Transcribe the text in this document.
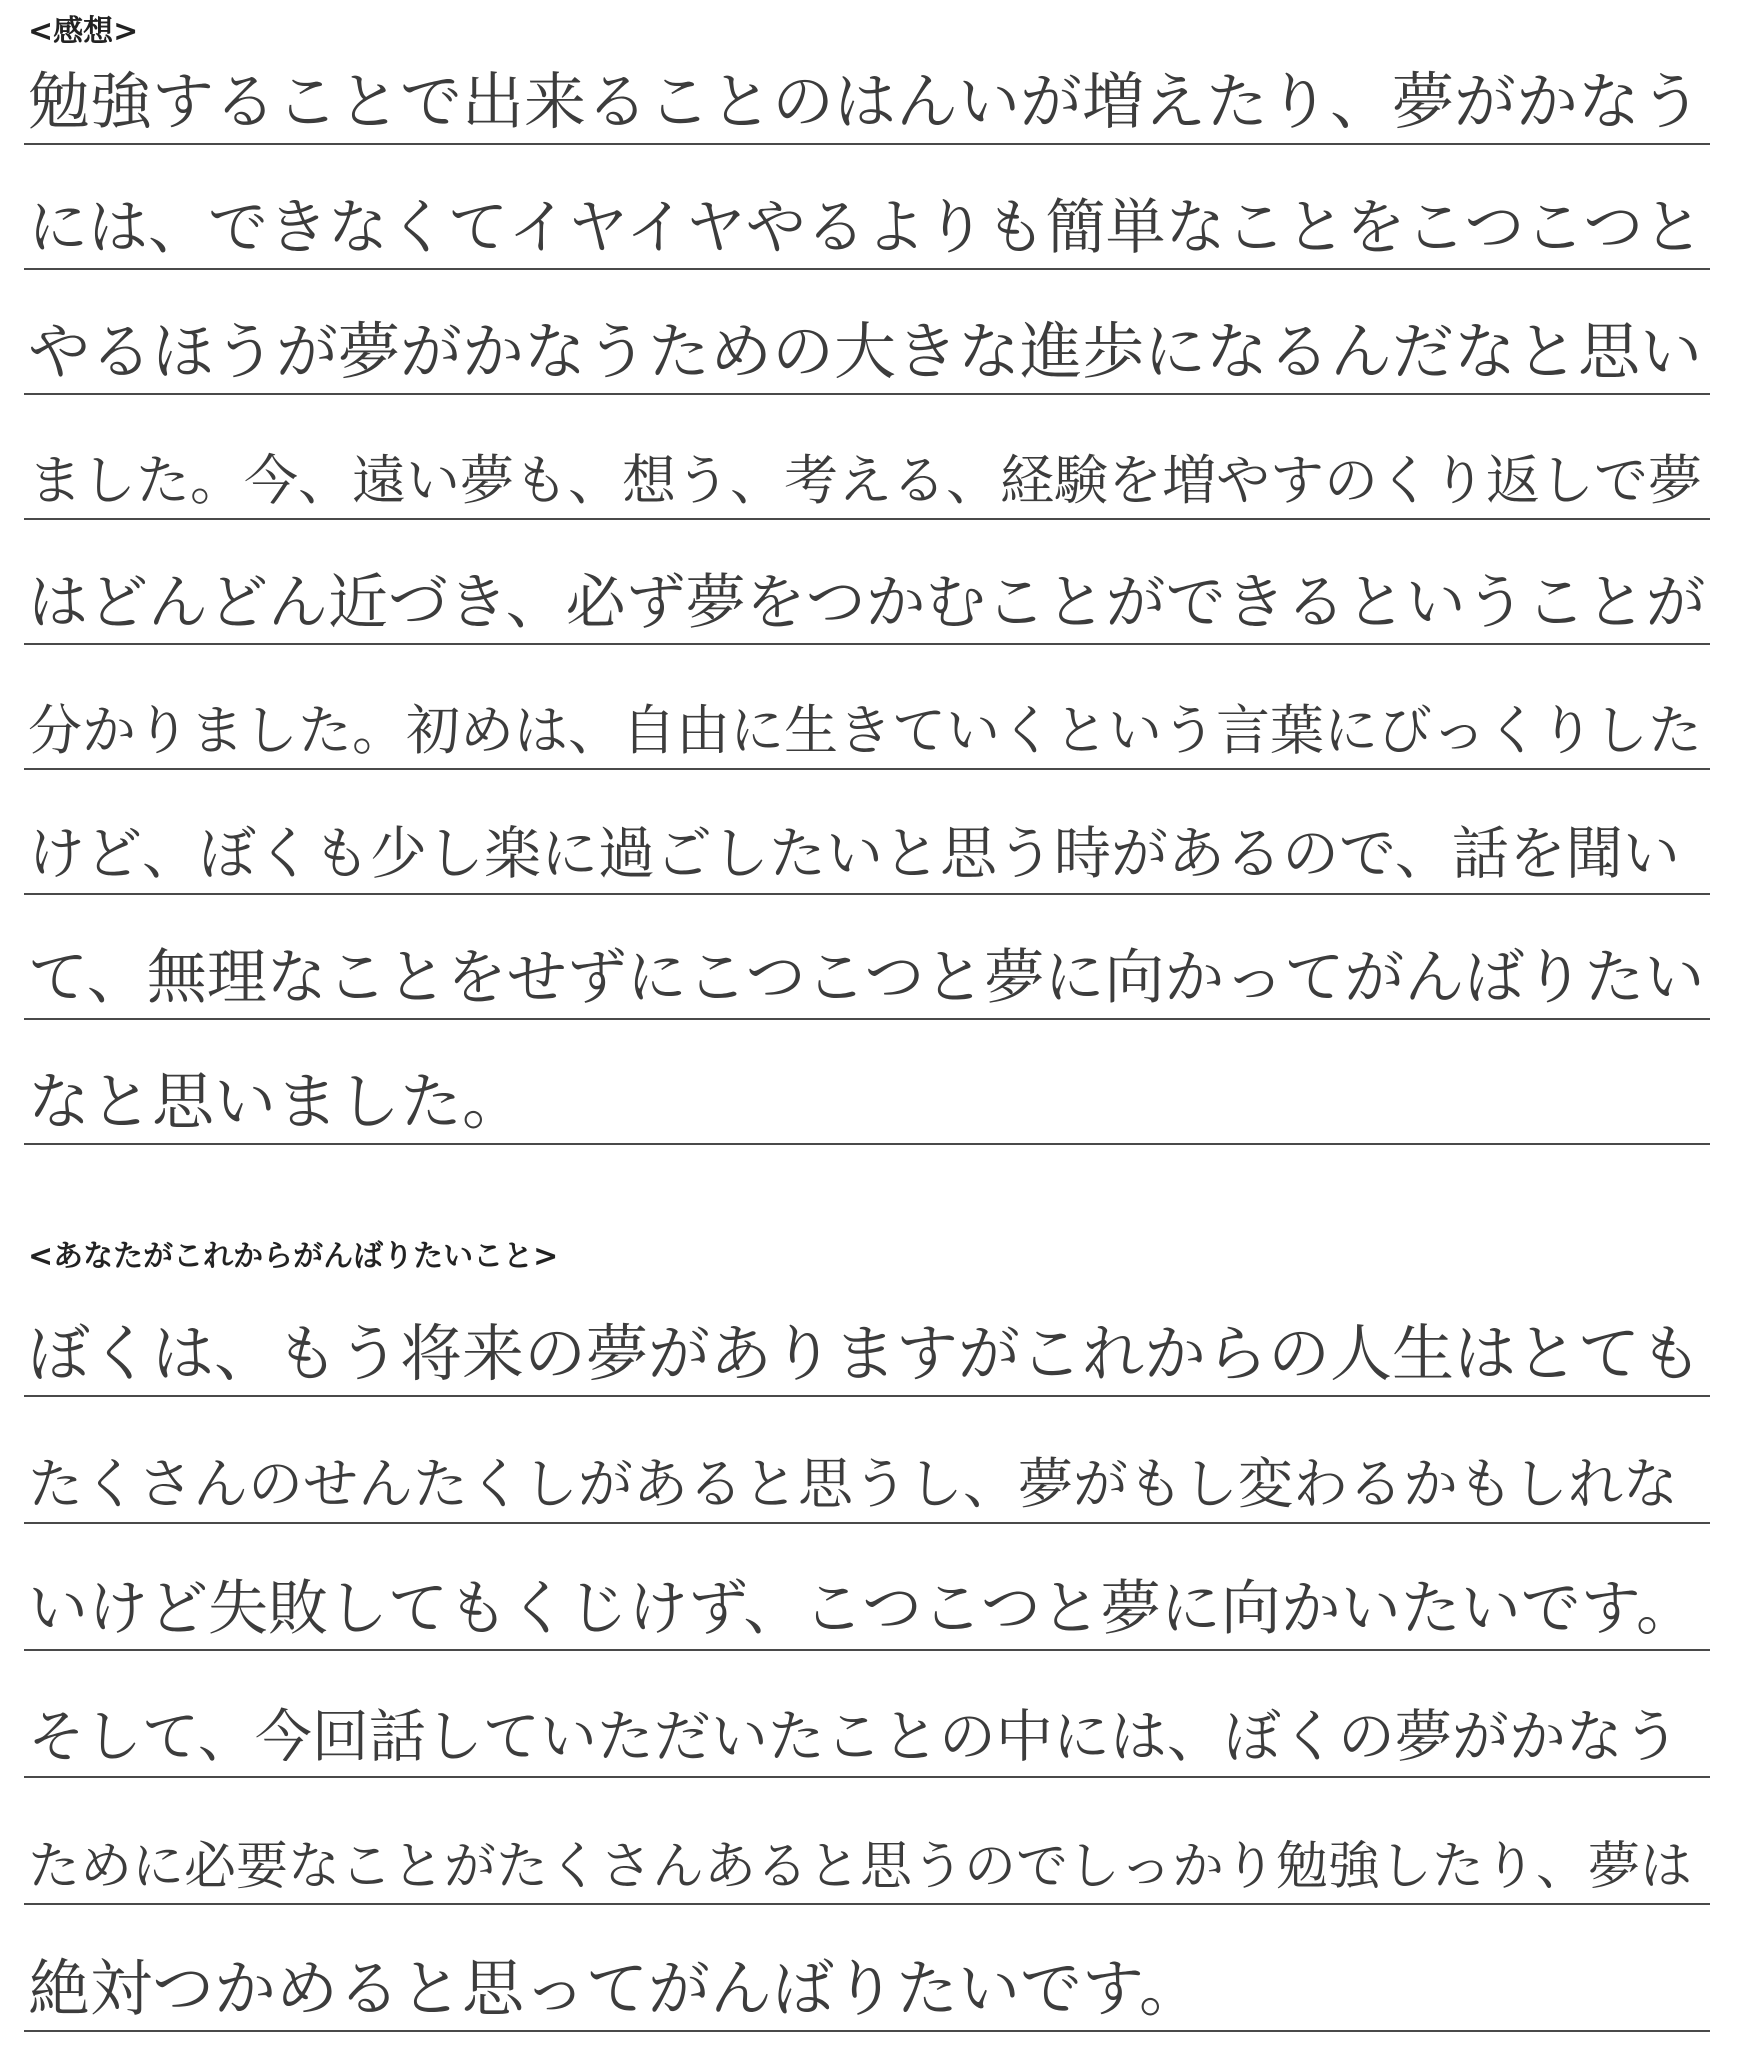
<感想>
勉強することで出来ることのはんいが増えたり、夢がかなう
には、できなくてイヤイヤやるよりも簡単なことをこつこつと
やるほうが夢がかなうための大きな進歩になるんだなと思い
ました。今、遠い夢も、想う、考える、経験を増やすのくり返しで夢
はどんどん近づき、必ず夢をつかむことができるということが
分かりました。初めは、自由に生きていくという言葉にびっくりした
けど、ぼくも少し楽に過ごしたいと思う時があるので、話を聞い
て、無理なことをせずにこつこつと夢に向かってがんばりたい
なと思いました。
<あなたがこれからがんばりたいこと>
ぼくは、もう将来の夢がありますがこれからの人生はとても
たくさんのせんたくしがあると思うし、夢がもし変わるかもしれな
いけど失敗してもくじけず、こつこつと夢に向かいたいです。
そして、今回話していただいたことの中には、ぼくの夢がかなう
ために必要なことがたくさんあると思うのでしっかり勉強したり、夢は
絶対つかめると思ってがんばりたいです。
